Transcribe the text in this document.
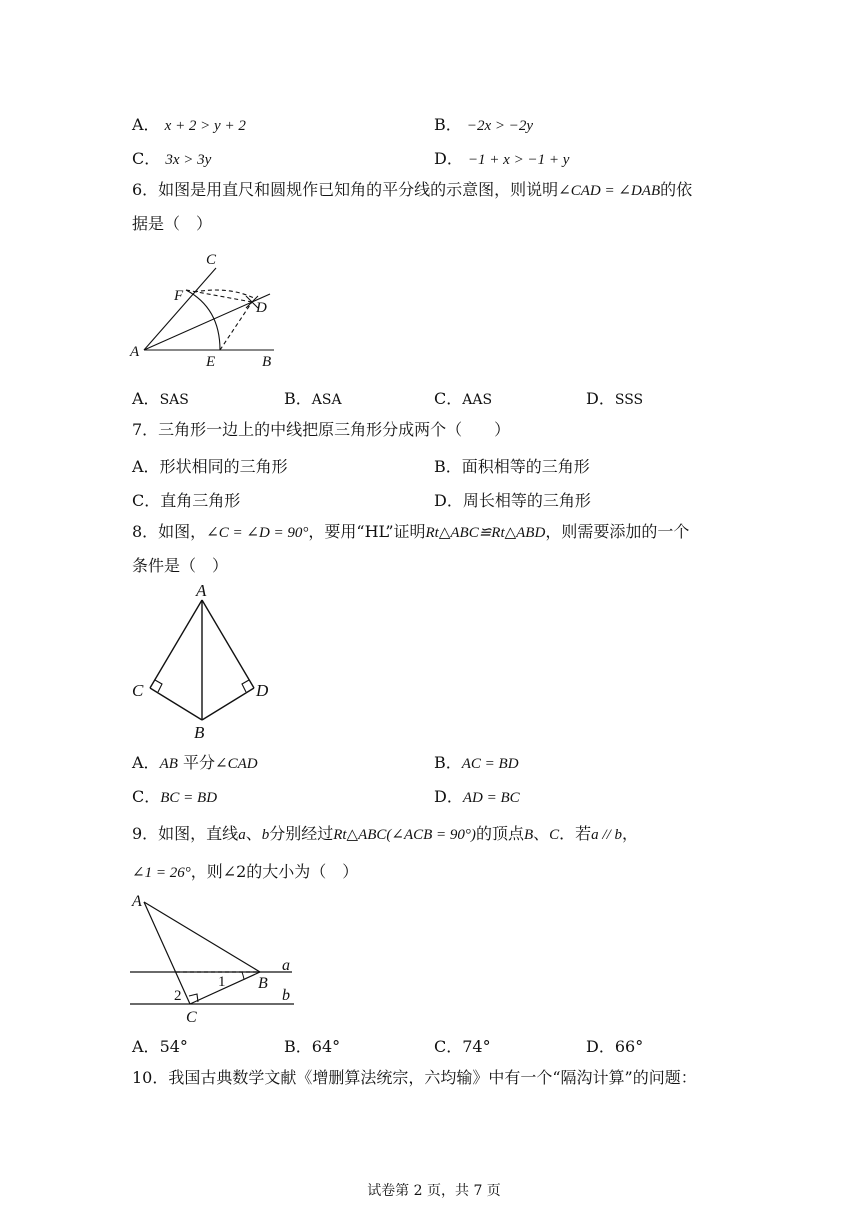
A． x + 2 > y + 2	B． −2x > −2y
C． 3x > 3y	D． −1 + x > −1 + y
6．如图是用直尺和圆规作已知角的平分线的示意图，则说明∠CAD = ∠DAB的依
据是（　）
C
F
D
A
E	B
A．SAS	B．ASA	C．AAS	D．SSS
7．三角形一边上的中线把原三角形分成两个（　　）
A．形状相同的三角形	B．面积相等的三角形
C．直角三角形	D．周长相等的三角形
8．如图，∠C = ∠D = 90°，要用“HL”证明Rt△ABC≌Rt△ABD，则需要添加的一个
条件是（　）
A
C	D
B
A．AB 平分∠CAD	B．AC = BD
C．BC = BD	D．AD = BC
9．如图，直线a、b分别经过Rt△ABC(∠ACB = 90°)的顶点B、C．若a // b，
∠1 = 26°，则∠2的大小为（　）
A
a
B
b
1
2
C
A．54°	B．64°	C．74°	D．66°
10．我国古典数学文献《增删算法统宗，六均输》中有一个“隔沟计算”的问题：
试卷第 2 页，共 7 页
